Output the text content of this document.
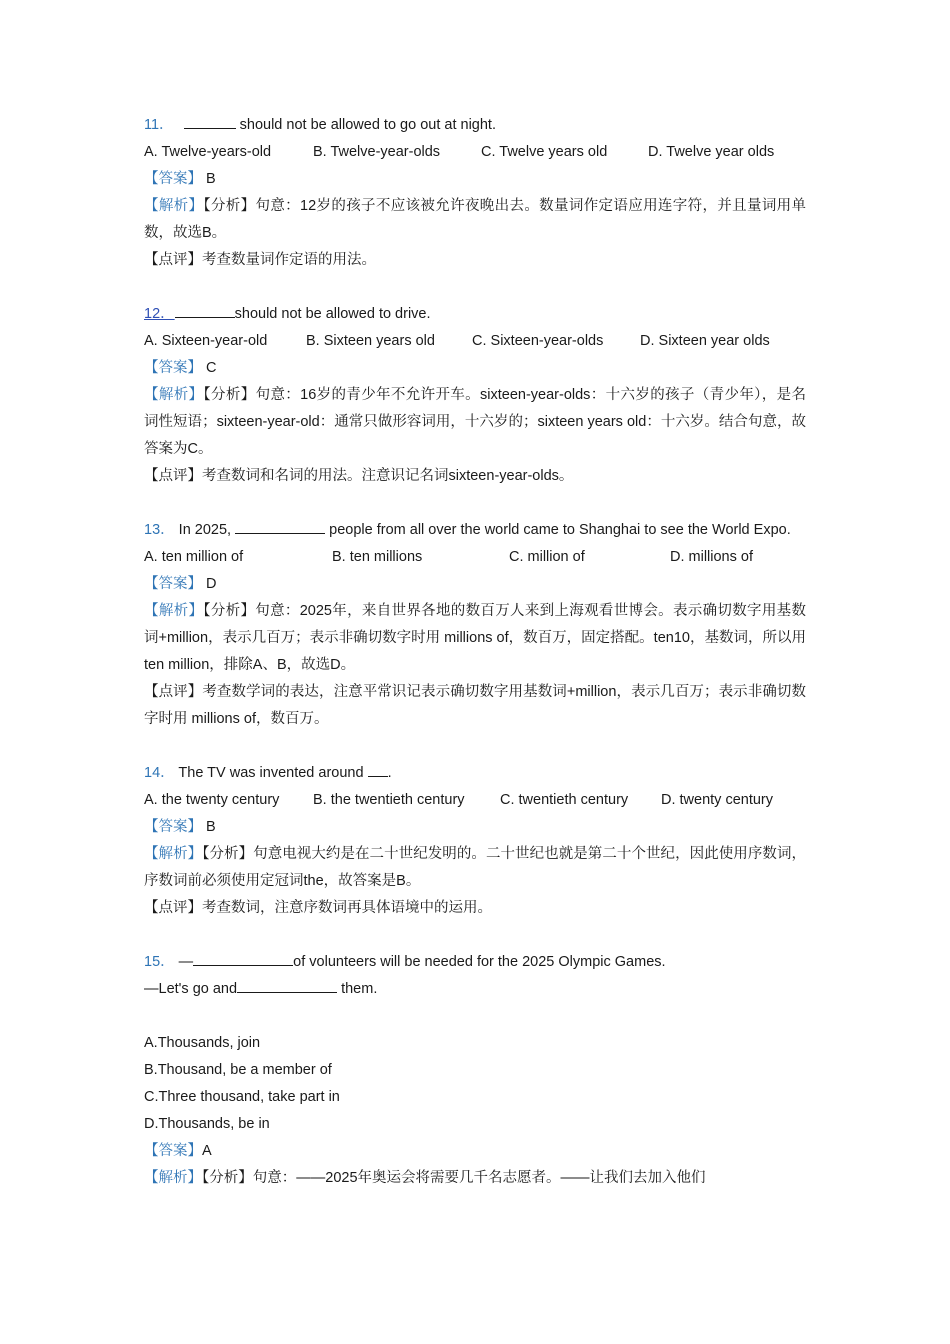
11．	should not be allowed to go out at night.
A. Twelve-years-old	B. Twelve-year-olds	C. Twelve years old	D. Twelve year olds
【答案】 B
【解析】【分析】句意：12岁的孩子不应该被允许夜晚出去。数量词作定语应用连字符，并且量词用单数，故选B。
【点评】考查数量词作定语的用法。
12．	should not be allowed to drive.
A. Sixteen-year-old	B. Sixteen years old	C. Sixteen-year-olds	D. Sixteen year olds
【答案】 C
【解析】【分析】句意：16岁的青少年不允许开车。sixteen-year-olds：十六岁的孩子（青少年），是名词性短语；sixteen-year-old：通常只做形容词用，十六岁的；sixteen years old：十六岁。结合句意，故答案为C。
【点评】考查数词和名词的用法。注意识记名词sixteen-year-olds。
13． In 2025,	people from all over the world came to Shanghai to see the World Expo.
A. ten million of	B. ten millions	C. million of	D. millions of
【答案】 D
【解析】【分析】句意：2025年，来自世界各地的数百万人来到上海观看世博会。表示确切数字用基数词+million，表示几百万；表示非确切数字时用 millions of，数百万，固定搭配。ten10，基数词，所以用 ten million，排除A、B，故选D。
【点评】考查数学词的表达，注意平常识记表示确切数字用基数词+million，表示几百万；表示非确切数字时用 millions of，数百万。
14． The TV was invented around .
A. the twenty century B. the twentieth century C. twentieth century D. twenty century
【答案】 B
【解析】【分析】句意电视大约是在二十世纪发明的。二十世纪也就是第二十个世纪，因此使用序数词，序数词前必须使用定冠词the，故答案是B。
【点评】考查数词，注意序数词再具体语境中的运用。
15． —	of volunteers will be needed for the 2025 Olympic Games.
—Let's go and	them.
A.Thousands, join
B.Thousand, be a member of
C.Three thousand, take part in
D.Thousands, be in
【答案】A
【解析】【分析】句意：——2025年奥运会将需要几千名志愿者。——让我们去加入他们
